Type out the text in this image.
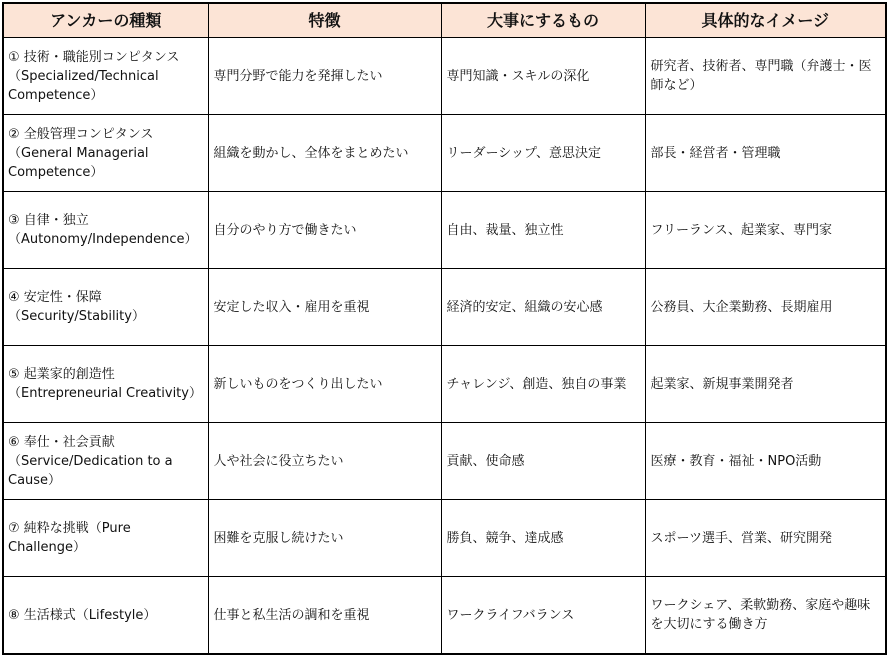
アンカーの種類	特徴	大事にするもの	具体的なイメージ
① 技術・職能別コンピタンス（Specialized/Technical Competence）	専門分野で能力を発揮したい	専門知識・スキルの深化	研究者、技術者、専門職（弁護士・医師など）
② 全般管理コンピタンス（General Managerial Competence）	組織を動かし、全体をまとめたい	リーダーシップ、意思決定	部長・経営者・管理職
③ 自律・独立（Autonomy/Independence）	自分のやり方で働きたい	自由、裁量、独立性	フリーランス、起業家、専門家
④ 安定性・保障（Security/Stability）	安定した収入・雇用を重視	経済的安定、組織の安心感	公務員、大企業勤務、長期雇用
⑤ 起業家的創造性（Entrepreneurial Creativity）	新しいものをつくり出したい	チャレンジ、創造、独自の事業	起業家、新規事業開発者
⑥ 奉仕・社会貢献（Service/Dedication to a Cause）	人や社会に役立ちたい	貢献、使命感	医療・教育・福祉・NPO活動
⑦ 純粋な挑戦（Pure Challenge）	困難を克服し続けたい	勝負、競争、達成感	スポーツ選手、営業、研究開発
⑧ 生活様式（Lifestyle）	仕事と私生活の調和を重視	ワークライフバランス	ワークシェア、柔軟勤務、家庭や趣味を大切にする働き方
